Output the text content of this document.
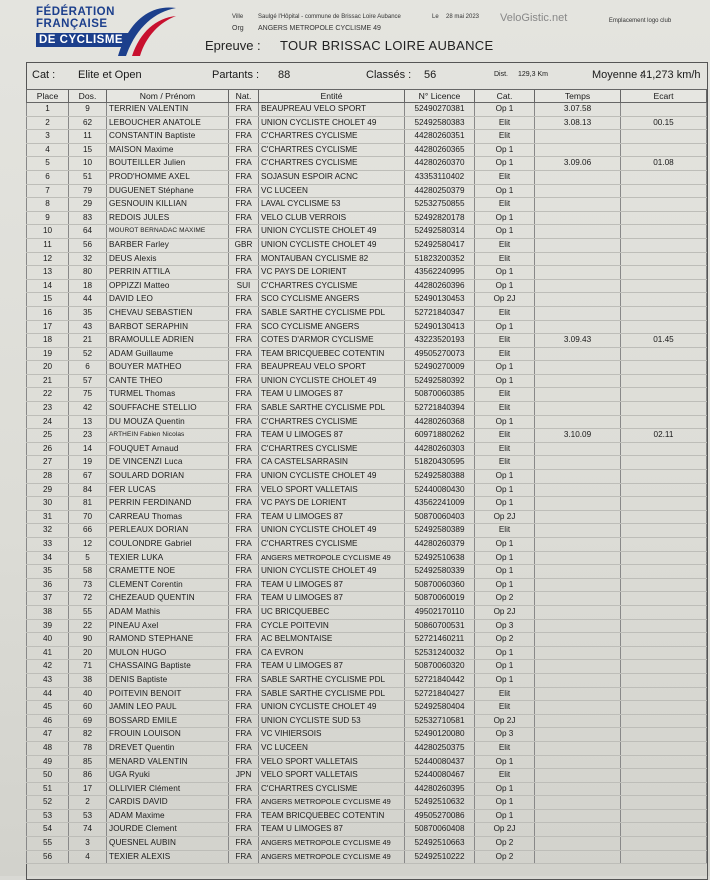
FÉDÉRATION
FRANÇAISE
DE CYCLISME
Ville Saulgé l'Hôpital - commune de Brissac Loire Aubance	Le 28 mai 2023
Org ANGERS METROPOLE CYCLISME 49
VeloGistic.net	Emplacement logo club
Epreuve : TOUR BRISSAC LOIRE AUBANCE
Cat : Elite et Open	Partants : 88	Classés : 56	Dist. 129,3 Km	Moyenne :
41,273 km/h
Place	Dos.	Nom / Prénom	Nat.	Entité	N° Licence	Cat.	Temps	Ecart
1	9	TERRIEN VALENTIN	FRA	BEAUPREAU VELO SPORT	52490270381	Op 1	3.07.58	
2	62	LEBOUCHER ANATOLE	FRA	UNION CYCLISTE CHOLET 49	52492580383	Elit	3.08.13	00.15
3	11	CONSTANTIN Baptiste	FRA	C'CHARTRES CYCLISME	44280260351	Elit		
4	15	MAISON Maxime	FRA	C'CHARTRES CYCLISME	44280260365	Op 1		
5	10	BOUTEILLER Julien	FRA	C'CHARTRES CYCLISME	44280260370	Op 1	3.09.06	01.08
6	51	PROD'HOMME AXEL	FRA	SOJASUN ESPOIR ACNC	43353110402	Elit		
7	79	DUGUENET Stéphane	FRA	VC LUCEEN	44280250379	Op 1		
8	29	GESNOUIN KILLIAN	FRA	LAVAL CYCLISME 53	52532750855	Elit		
9	83	REDOIS JULES	FRA	VELO CLUB VERROIS	52492820178	Op 1		
10	64	MOUROT BERNADAC MAXIME	FRA	UNION CYCLISTE CHOLET 49	52492580314	Op 1		
11	56	BARBER Farley	GBR	UNION CYCLISTE CHOLET 49	52492580417	Elit		
12	32	DEUS Alexis	FRA	MONTAUBAN CYCLISME 82	51823200352	Elit		
13	80	PERRIN ATTILA	FRA	VC PAYS DE LORIENT	43562240995	Op 1		
14	18	OPPIZZI Matteo	SUI	C'CHARTRES CYCLISME	44280260396	Op 1		
15	44	DAVID LEO	FRA	SCO CYCLISME ANGERS	52490130453	Op 2J		
16	35	CHEVAU SEBASTIEN	FRA	SABLE SARTHE CYCLISME PDL	52721840347	Elit		
17	43	BARBOT SERAPHIN	FRA	SCO CYCLISME ANGERS	52490130413	Op 1		
18	21	BRAMOULLE ADRIEN	FRA	COTES D'ARMOR CYCLISME	43223520193	Elit	3.09.43	01.45
19	52	ADAM Guillaume	FRA	TEAM BRICQUEBEC COTENTIN	49505270073	Elit		
20	6	BOUYER MATHEO	FRA	BEAUPREAU VELO SPORT	52490270009	Op 1		
21	57	CANTE THEO	FRA	UNION CYCLISTE CHOLET 49	52492580392	Op 1		
22	75	TURMEL Thomas	FRA	TEAM U LIMOGES 87	50870060385	Elit		
23	42	SOUFFACHE STELLIO	FRA	SABLE SARTHE CYCLISME PDL	52721840394	Elit		
24	13	DU MOUZA Quentin	FRA	C'CHARTRES CYCLISME	44280260368	Op 1		
25	23	ARTHEIN Fabien Nicolas	FRA	TEAM U LIMOGES 87	60971880262	Elit	3.10.09	02.11
26	14	FOUQUET Arnaud	FRA	C'CHARTRES CYCLISME	44280260303	Elit		
27	19	DE VINCENZI Luca	FRA	CA CASTELSARRASIN	51820430595	Elit		
28	67	SOULARD DORIAN	FRA	UNION CYCLISTE CHOLET 49	52492580388	Op 1		
29	84	FER LUCAS	FRA	VELO SPORT VALLETAIS	52440080430	Op 1		
30	81	PERRIN FERDINAND	FRA	VC PAYS DE LORIENT	43562241009	Op 1		
31	70	CARREAU Thomas	FRA	TEAM U LIMOGES 87	50870060403	Op 2J		
32	66	PERLEAUX DORIAN	FRA	UNION CYCLISTE CHOLET 49	52492580389	Elit		
33	12	COULONDRE Gabriel	FRA	C'CHARTRES CYCLISME	44280260379	Op 1		
34	5	TEXIER LUKA	FRA	ANGERS METROPOLE CYCLISME 49	52492510638	Op 1		
35	58	CRAMETTE NOE	FRA	UNION CYCLISTE CHOLET 49	52492580339	Op 1		
36	73	CLEMENT Corentin	FRA	TEAM U LIMOGES 87	50870060360	Op 1		
37	72	CHEZEAUD QUENTIN	FRA	TEAM U LIMOGES 87	50870060019	Op 2		
38	55	ADAM Mathis	FRA	UC BRICQUEBEC	49502170110	Op 2J		
39	22	PINEAU Axel	FRA	CYCLE POITEVIN	50860700531	Op 3		
40	90	RAMOND STEPHANE	FRA	AC BELMONTAISE	52721460211	Op 2		
41	20	MULON HUGO	FRA	CA EVRON	52531240032	Op 1		
42	71	CHASSAING Baptiste	FRA	TEAM U LIMOGES 87	50870060320	Op 1		
43	38	DENIS Baptiste	FRA	SABLE SARTHE CYCLISME PDL	52721840442	Op 1		
44	40	POITEVIN BENOIT	FRA	SABLE SARTHE CYCLISME PDL	52721840427	Elit		
45	60	JAMIN LEO PAUL	FRA	UNION CYCLISTE CHOLET 49	52492580404	Elit		
46	69	BOSSARD EMILE	FRA	UNION CYCLISTE SUD 53	52532710581	Op 2J		
47	82	FROUIN LOUISON	FRA	VC VIHIERSOIS	52490120080	Op 3		
48	78	DREVET Quentin	FRA	VC LUCEEN	44280250375	Elit		
49	85	MENARD VALENTIN	FRA	VELO SPORT VALLETAIS	52440080437	Op 1		
50	86	UGA Ryuki	JPN	VELO SPORT VALLETAIS	52440080467	Elit		
51	17	OLLIVIER Clément	FRA	C'CHARTRES CYCLISME	44280260395	Op 1		
52	2	CARDIS DAVID	FRA	ANGERS METROPOLE CYCLISME 49	52492510632	Op 1		
53	53	ADAM Maxime	FRA	TEAM BRICQUEBEC COTENTIN	49505270086	Op 1		
54	74	JOURDE Clement	FRA	TEAM U LIMOGES 87	50870060408	Op 2J		
55	3	QUESNEL AUBIN	FRA	ANGERS METROPOLE CYCLISME 49	52492510663	Op 2		
56	4	TEXIER ALEXIS	FRA	ANGERS METROPOLE CYCLISME 49	52492510222	Op 2		
